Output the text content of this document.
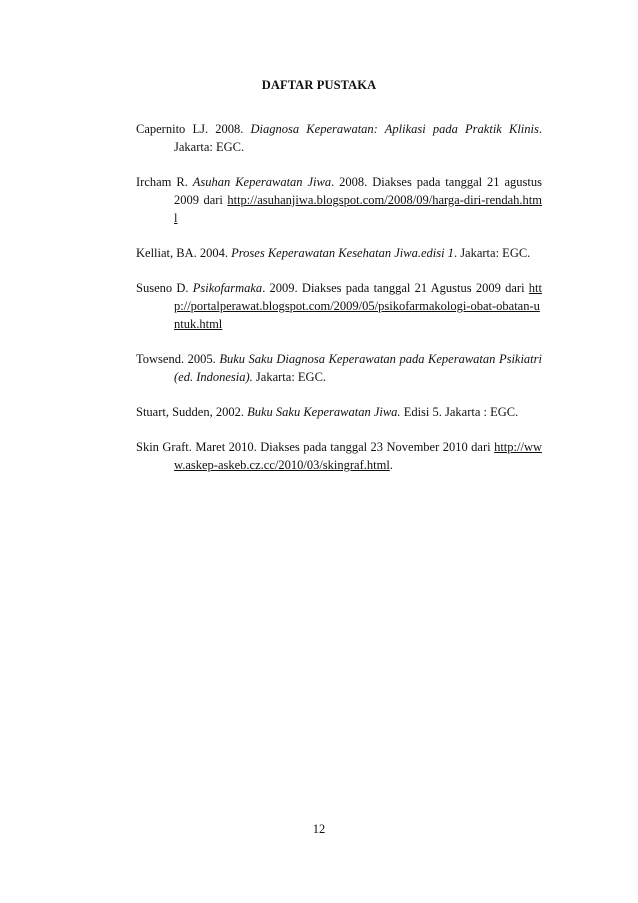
DAFTAR PUSTAKA

Capernito LJ. 2008. Diagnosa Keperawatan: Aplikasi pada Praktik Klinis. Jakarta: EGC.

Ircham R. Asuhan Keperawatan Jiwa. 2008. Diakses pada tanggal 21 agustus 2009 dari http://asuhanjiwa.blogspot.com/2008/09/harga-diri-rendah.html

Kelliat, BA. 2004. Proses Keperawatan Kesehatan Jiwa.edisi 1. Jakarta: EGC.

Suseno D. Psikofarmaka. 2009. Diakses pada tanggal 21 Agustus 2009 dari http://portalperawat.blogspot.com/2009/05/psikofarmakologi-obat-obatan-untuk.html

Towsend. 2005. Buku Saku Diagnosa Keperawatan pada Keperawatan Psikiatri (ed. Indonesia). Jakarta: EGC.

Stuart, Sudden, 2002. Buku Saku Keperawatan Jiwa. Edisi 5. Jakarta : EGC.

Skin Graft. Maret 2010. Diakses pada tanggal 23 November 2010 dari http://www.askep-askeb.cz.cc/2010/03/skingraf.html.

12
